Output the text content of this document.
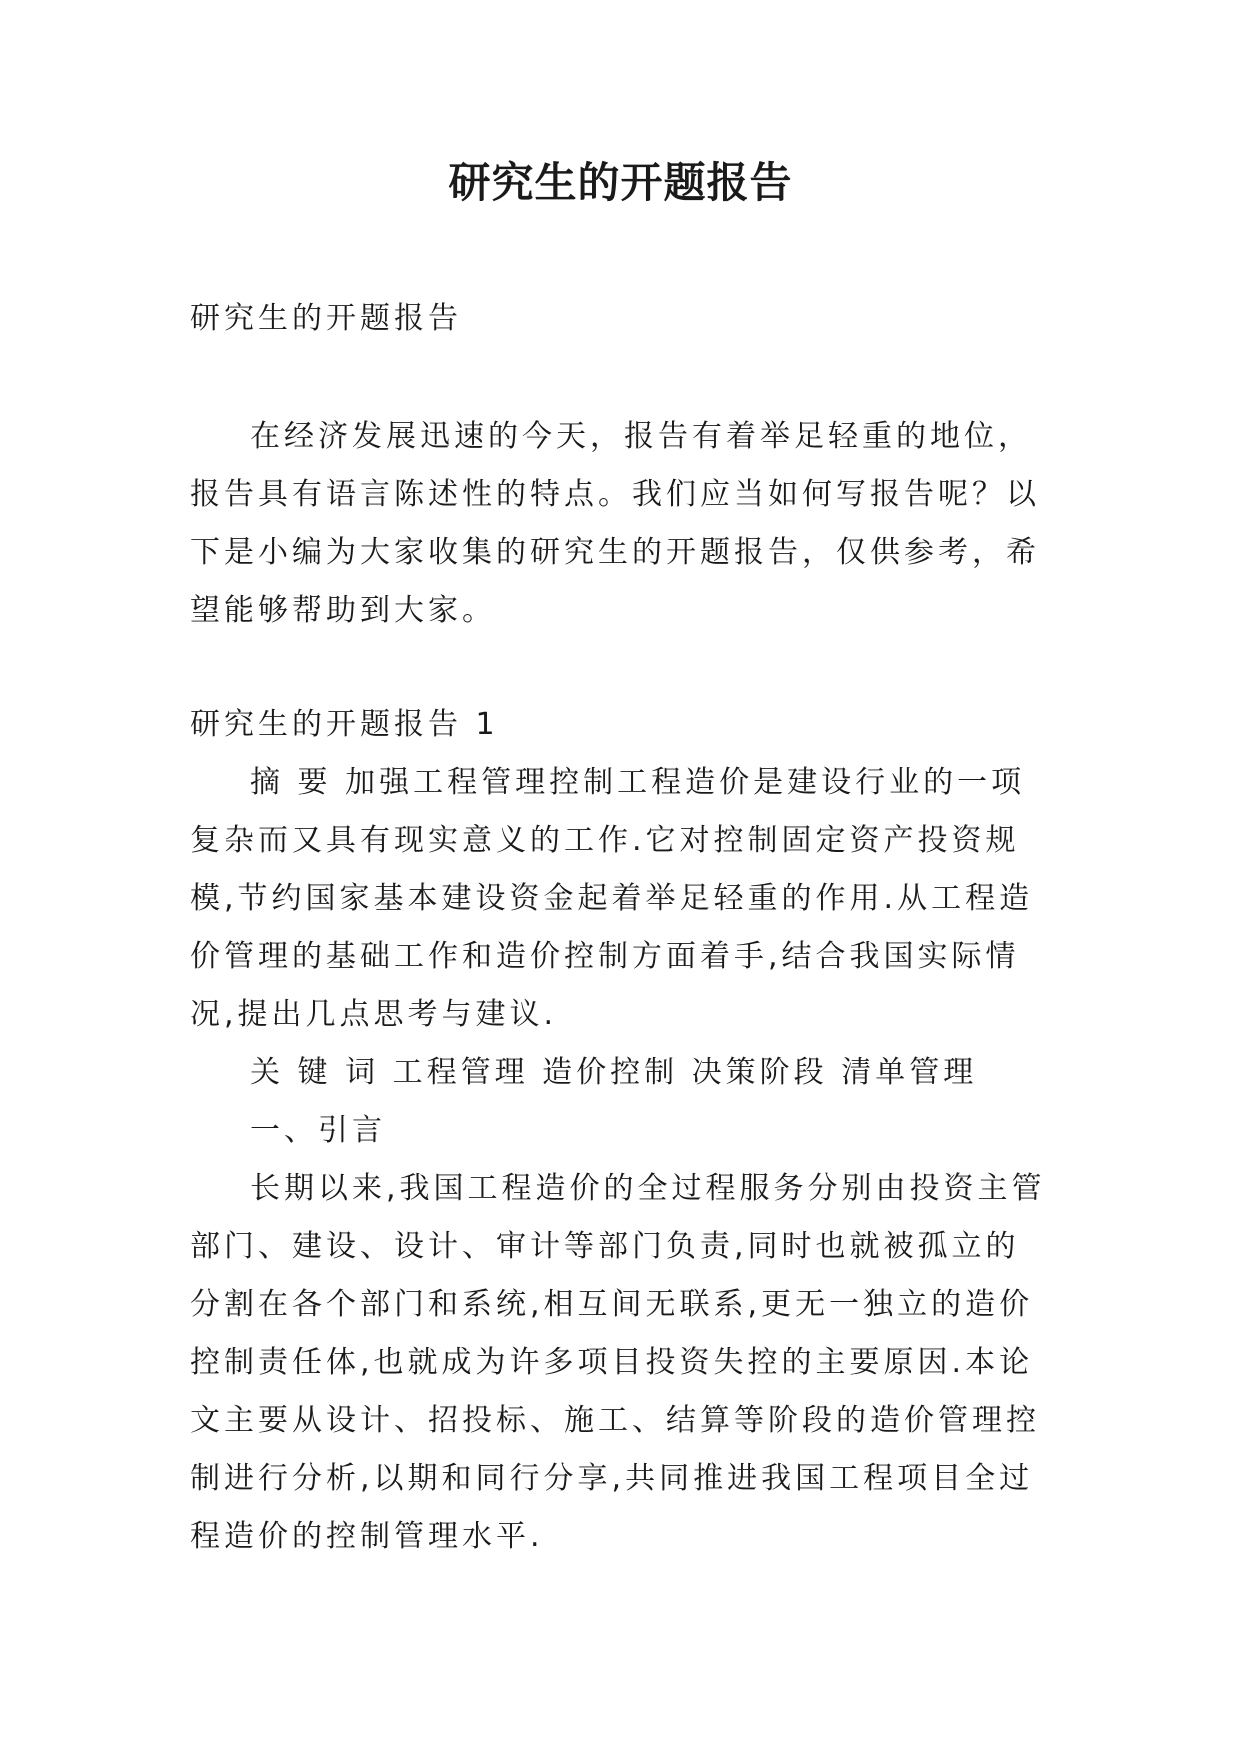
研究生的开题报告

研究生的开题报告

在经济发展迅速的今天，报告有着举足轻重的地位，报告具有语言陈述性的特点。我们应当如何写报告呢？以下是小编为大家收集的研究生的开题报告，仅供参考，希望能够帮助到大家。

研究生的开题报告 1

摘 要 加强工程管理控制工程造价是建设行业的一项复杂而又具有现实意义的工作.它对控制固定资产投资规模,节约国家基本建设资金起着举足轻重的作用.从工程造价管理的基础工作和造价控制方面着手,结合我国实际情况,提出几点思考与建议.

关 键 词 工程管理 造价控制 决策阶段 清单管理

一、引言

长期以来,我国工程造价的全过程服务分别由投资主管部门、建设、设计、审计等部门负责,同时也就被孤立的分割在各个部门和系统,相互间无联系,更无一独立的造价控制责任体,也就成为许多项目投资失控的主要原因.本论文主要从设计、招投标、施工、结算等阶段的造价管理控制进行分析,以期和同行分享,共同推进我国工程项目全过程造价的控制管理水平.
